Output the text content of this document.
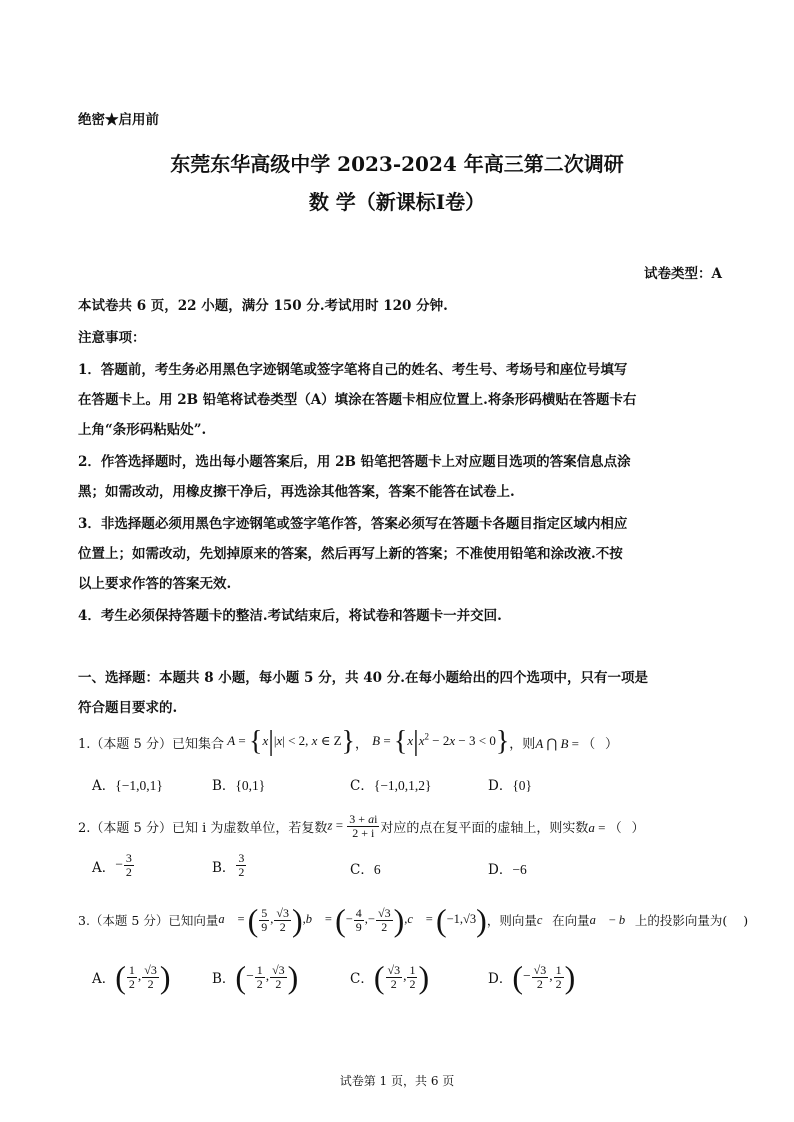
绝密★启用前
东莞东华高级中学 2023-2024 年高三第二次调研
数 学（新课标I卷）
试卷类型：A
本试卷共 6 页，22 小题，满分 150 分.考试用时 120 分钟.
注意事项：
1．答题前，考生务必用黑色字迹钢笔或签字笔将自己的姓名、考生号、考场号和座位号填写
在答题卡上。用 2B 铅笔将试卷类型（A）填涂在答题卡相应位置上.将条形码横贴在答题卡右
上角“条形码粘贴处”.
2．作答选择题时，选出每小题答案后，用 2B 铅笔把答题卡上对应题目选项的答案信息点涂
黑；如需改动，用橡皮擦干净后，再选涂其他答案，答案不能答在试卷上.
3．非选择题必须用黑色字迹钢笔或签字笔作答，答案必须写在答题卡各题目指定区域内相应
位置上；如需改动，先划掉原来的答案，然后再写上新的答案；不准使用铅笔和涂改液.不按
以上要求作答的答案无效.
4．考生必须保持答题卡的整洁.考试结束后，将试卷和答题卡一并交回.
一、选择题：本题共 8 小题，每小题 5 分，共 40 分.在每小题给出的四个选项中，只有一项是
符合题目要求的.
1.（本题 5 分）已知集合 A = {x||x| < 2, x ∈ Z} ， $B = \{x|x^2 - 2x - 3 < 0\}$ ，则 A ⋂ B = （   ）
A．{−1,0,1}	B．{0,1}	C．{−1,0,1,2}	D．{0}
2.（本题 5 分）已知 i 为虚数单位，若复数 $z = \frac{3 + ai}{2 + i}$ 对应的点在复平面的虚轴上，则实数 a = （   ）
A． − $\frac{3}{2}$	B． $\frac{3}{2}$	C．6	D．−6
3.（本题 5 分）已知向量 a⃗ = ( $\frac{5}{9}$ , $\frac{√3}{2}$ ) ,b⃗ = (− $\frac{4}{9}$ ,− $\frac{√3}{2}$ ) ,c⃗ = (−1,√3) ，则向量 c⃗ 在向量 a⃗ − b⃗ 上的投影向量为( )
A． ( $\frac{1}{2}$ , $\frac{√3}{2}$ )	B． (− $\frac{1}{2}$ , $\frac{√3}{2}$ )	C． ( $\frac{√3}{2}$ , $\frac{1}{2}$ )	D． (− $\frac{√3}{2}$ , $\frac{1}{2}$ )
试卷第 1 页，共 6 页
